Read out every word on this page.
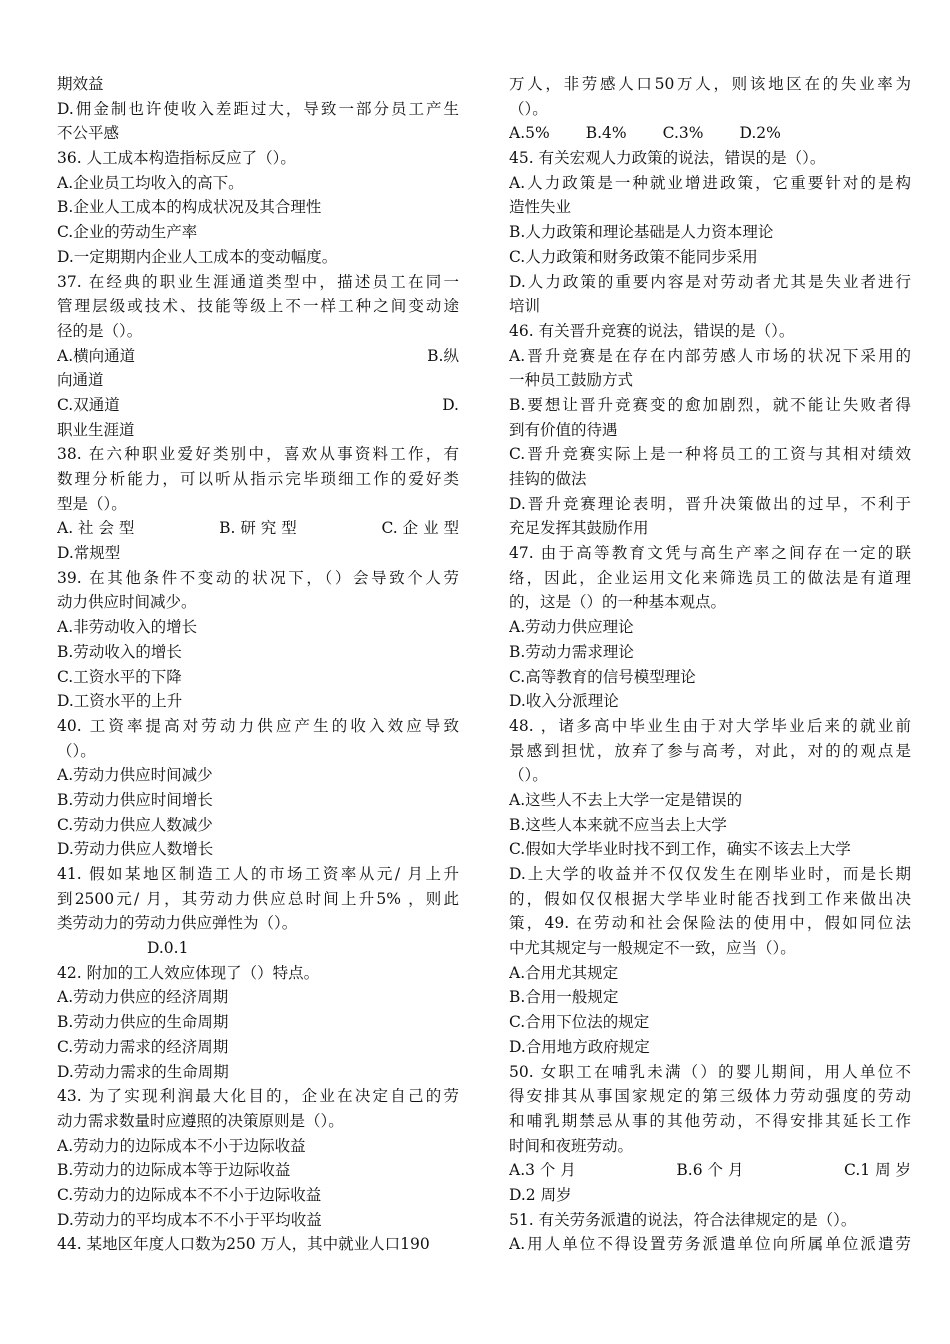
期效益
D.佣金制也许使收入差距过大，导致一部分员工产生
不公平感
36. 人工成本构造指标反应了（）。
A.企业员工均收入的高下。
B.企业人工成本的构成状况及其合理性
C.企业的劳动生产率
D.一定期期内企业人工成本的变动幅度。
37. 在经典的职业生涯通道类型中，描述员工在同一
管理层级或技术、技能等级上不一样工种之间变动途
径的是（）。
A.横向通道	B.纵
向通道
C.双通道	D.
职业生涯道
38. 在六种职业爱好类别中，喜欢从事资料工作，有
数理分析能力，可以听从指示完毕琐细工作的爱好类
型是（）。
A. 社 会 型	B. 研 究 型	C. 企 业 型
D.常规型
39. 在其他条件不变动的状况下，（）会导致个人劳
动力供应时间减少。
A.非劳动收入的增长
B.劳动收入的增长
C.工资水平的下降
D.工资水平的上升
40. 工资率提高对劳动力供应产生的收入效应导致
（）。
A.劳动力供应时间减少
B.劳动力供应时间增长
C.劳动力供应人数减少
D.劳动力供应人数增长
41. 假如某地区制造工人的市场工资率从元/ 月上升
到2500元/ 月，其劳动力供应总时间上升5% ，则此
类劳动力的劳动力供应弹性为（）。
D.0.1
42. 附加的工人效应体现了（）特点。
A.劳动力供应的经济周期
B.劳动力供应的生命周期
C.劳动力需求的经济周期
D.劳动力需求的生命周期
43. 为了实现利润最大化目的，企业在决定自己的劳
动力需求数量时应遵照的决策原则是（）。
A.劳动力的边际成本不小于边际收益
B.劳动力的边际成本等于边际收益
C.劳动力的边际成本不不小于边际收益
D.劳动力的平均成本不不小于平均收益
44. 某地区年度人口数为250 万人，其中就业人口190
万人，非劳感人口50万人，则该地区在的失业率为
（）。
A.5% B.4% C.3% D.2%
45. 有关宏观人力政策的说法，错误的是（）。
A.人力政策是一种就业增进政策，它重要针对的是构
造性失业
B.人力政策和理论基础是人力资本理论
C.人力政策和财务政策不能同步采用
D.人力政策的重要内容是对劳动者尤其是失业者进行
培训
46. 有关晋升竞赛的说法，错误的是（）。
A.晋升竞赛是在存在内部劳感人市场的状况下采用的
一种员工鼓励方式
B.要想让晋升竞赛变的愈加剧烈，就不能让失败者得
到有价值的待遇
C.晋升竞赛实际上是一种将员工的工资与其相对绩效
挂钩的做法
D.晋升竞赛理论表明，晋升决策做出的过早，不利于
充足发挥其鼓励作用
47. 由于高等教育文凭与高生产率之间存在一定的联
络，因此，企业运用文化来筛选员工的做法是有道理
的，这是（）的一种基本观点。
A.劳动力供应理论
B.劳动力需求理论
C.高等教育的信号模型理论
D.收入分派理论
48. ，诸多高中毕业生由于对大学毕业后来的就业前
景感到担忧，放弃了参与高考，对此，对的的观点是
（）。
A.这些人不去上大学一定是错误的
B.这些人本来就不应当去上大学
C.假如大学毕业时找不到工作，确实不该去上大学
D.上大学的收益并不仅仅发生在刚毕业时，而是长期
的，假如仅仅根据大学毕业时能否找到工作来做出决
策，49. 在劳动和社会保险法的使用中，假如同位法
中尤其规定与一般规定不一致，应当（）。
A.合用尤其规定
B.合用一般规定
C.合用下位法的规定
D.合用地方政府规定
50. 女职工在哺乳未满（）的婴儿期间，用人单位不
得安排其从事国家规定的第三级体力劳动强度的劳动
和哺乳期禁忌从事的其他劳动，不得安排其延长工作
时间和夜班劳动。
A.3 个 月	B.6 个 月	C.1 周 岁
D.2 周岁
51. 有关劳务派遣的说法，符合法律规定的是（）。
A.用人单位不得设置劳务派遣单位向所属单位派遣劳
